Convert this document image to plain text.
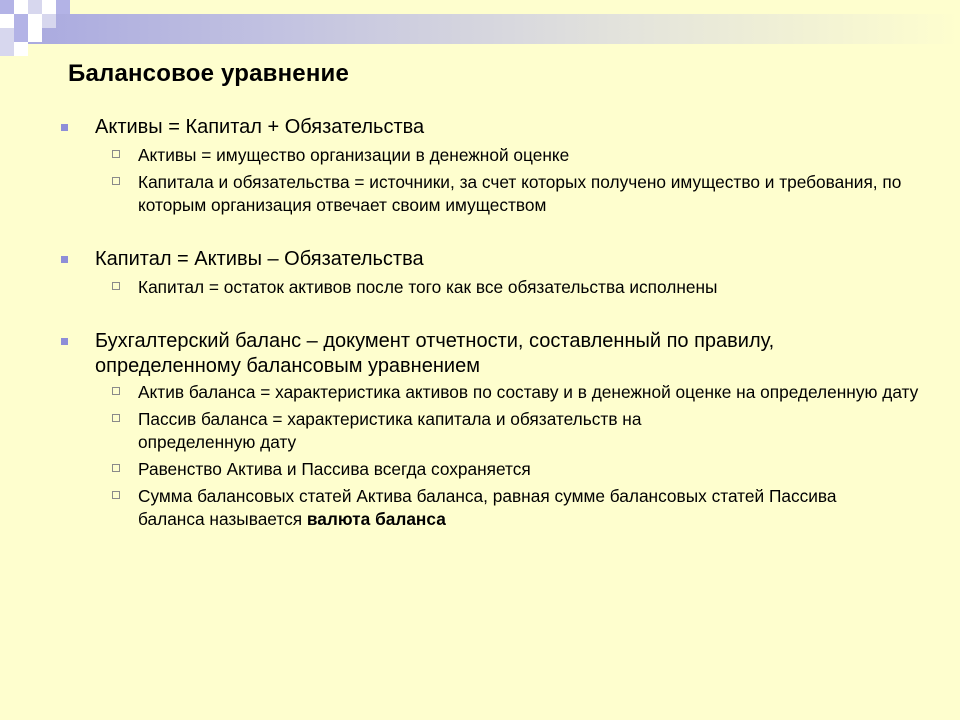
Балансовое уравнение
Активы = Капитал + Обязательства
Активы = имущество организации в денежной оценке
Капитала и обязательства = источники, за счет которых получено имущество и требования, по которым организация отвечает своим имуществом
Капитал = Активы – Обязательства
Капитал = остаток активов после того как все обязательства исполнены
Бухгалтерский баланс – документ отчетности, составленный по правилу, определенному балансовым уравнением
Актив баланса = характеристика активов по составу и в денежной оценке на определенную дату
Пассив баланса = характеристика капитала и обязательств на определенную дату
Равенство Актива и Пассива всегда сохраняется
Сумма балансовых статей Актива баланса, равная сумме балансовых статей Пассива баланса называется валюта баланса
